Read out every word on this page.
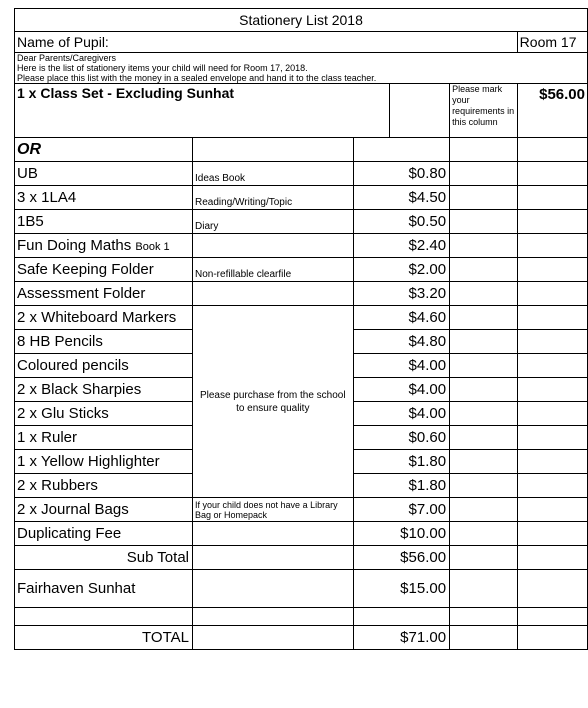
Stationery List 2018					
Name of Pupil:					Room 17
Dear Parents/Caregivers					
Here is the list of stationery items your child will need for Room 17, 2018.					
Please place this list with the money in a sealed envelope and hand it to the class teacher.					
1 x Class Set - Excluding Sunhat				Please mark your requirements in this column	$56.00
OR					
UB	Ideas Book	$0.80			
3 x 1LA4	Reading/Writing/Topic	$4.50			
1B5	Diary	$0.50			
Fun Doing Maths Book 1		$2.40			
Safe Keeping Folder	Non-refillable clearfile	$2.00			
Assessment Folder		$3.20			
2 x Whiteboard Markers	Please purchase from the school to ensure quality	$4.60			
8 HB Pencils		$4.80			
Coloured pencils		$4.00			
2 x Black Sharpies		$4.00			
2 x Glu Sticks		$4.00			
1 x Ruler		$0.60			
1 x Yellow Highlighter		$1.80			
2 x Rubbers		$1.80			
2 x Journal Bags	If your child does not have a Library Bag or Homepack	$7.00			
Duplicating Fee		$10.00			
Sub Total		$56.00			
Fairhaven Sunhat		$15.00			

TOTAL		$71.00			
